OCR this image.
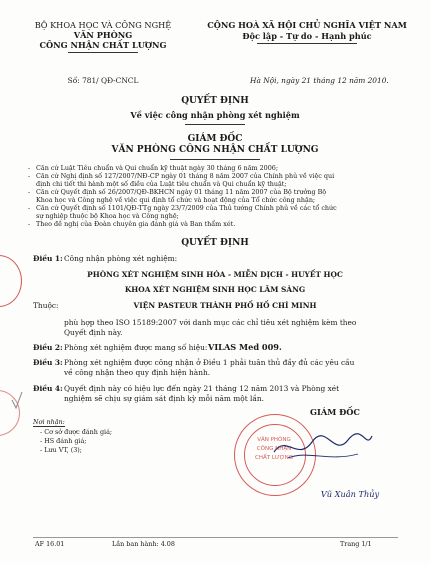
BỘ KHOA HỌC VÀ CÔNG NGHỆ
VĂN PHÒNG
CÔNG NHẬN CHẤT LƯỢNG
Số: 781/ QĐ-CNCL
CỘNG HOÀ XÃ HỘI CHỦ NGHĨA VIỆT NAM
Độc lập - Tự do - Hạnh phúc
Hà Nội, ngày 21 tháng 12 năm 2010.
QUYẾT ĐỊNH
Về việc công nhận phòng xét nghiệm
GIÁM ĐỐC
VĂN PHÒNG CÔNG NHẬN CHẤT LƯỢNG
- Căn cứ Luật Tiêu chuẩn và Qui chuẩn kỹ thuật ngày 30 tháng 6 năm 2006;
- Căn cứ Nghị định số 127/2007/NĐ-CP ngày 01 tháng 8 năm 2007 của Chính phủ về việc qui
định chi tiết thi hành một số điều của Luật tiêu chuẩn và Qui chuẩn kỹ thuật;
- Căn cứ Quyết định số 26/2007/QĐ-BKHCN ngày 01 tháng 11 năm 2007 của Bộ trưởng Bộ
Khoa học và Công nghệ về việc qui định tổ chức và hoạt động của Tổ chức công nhận;
- Căn cứ Quyết định số 1101/QĐ-TTg ngày 23/7/2009 của Thủ tướng Chính phủ về các tổ chức
sự nghiệp thuộc bộ Khoa học và Công nghệ;
- Theo đề nghị của Đoàn chuyên gia đánh giá và Ban thẩm xét.
QUYẾT ĐỊNH
Điều 1: Công nhận phòng xét nghiệm:
PHÒNG XÉT NGHIỆM SINH HÓA - MIỄN DỊCH - HUYẾT HỌC
KHOA XÉT NGHIỆM SINH HỌC LÂM SÀNG
Thuộc:	VIỆN PASTEUR THÀNH PHỐ HỒ CHÍ MINH
phù hợp theo ISO 15189:2007 với danh mục các chỉ tiêu xét nghiệm kèm theo
Quyết định này.
Điều 2: Phòng xét nghiệm được mang số hiệu: VILAS Med 009.
Điều 3: Phòng xét nghiệm được công nhận ở Điều 1 phải tuân thủ đầy đủ các yêu cầu
về công nhận theo quy định hiện hành.
Điều 4: Quyết định này có hiệu lực đến ngày 21 tháng 12 năm 2013 và Phòng xét
nghiệm sẽ chịu sự giám sát định kỳ mỗi năm một lần.
Nơi nhận:
- Cơ sở được đánh giá;
- HS đánh giá;
- Lưu VT, (3);
GIÁM ĐỐC
VĂN PHÒNG
CÔNG NHẬN
CHẤT LƯỢNG
Vũ Xuân Thủy
AF 16.01	Lần ban hành: 4.08	Trang 1/1
